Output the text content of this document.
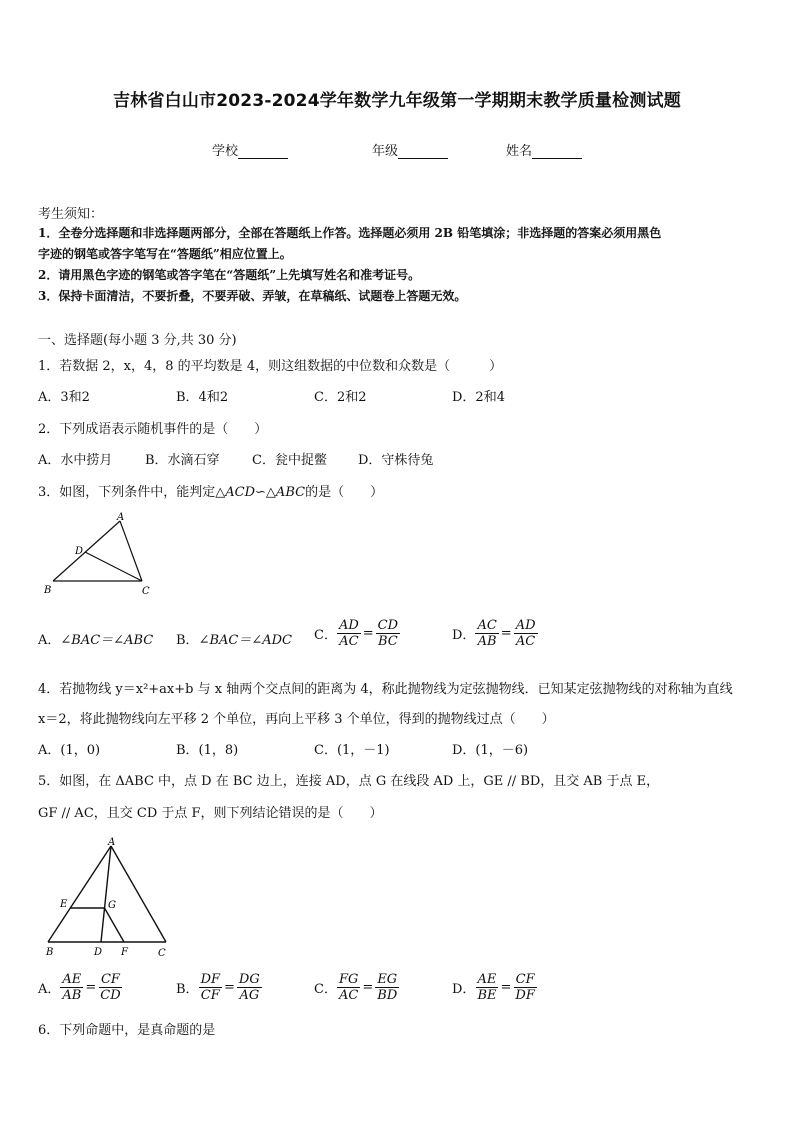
吉林省白山市2023-2024学年数学九年级第一学期期末教学质量检测试题
学校	年级	姓名
考生须知：
1．全卷分选择题和非选择题两部分，全部在答题纸上作答。选择题必须用 2B 铅笔填涂；非选择题的答案必须用黑色
字迹的钢笔或答字笔写在“答题纸”相应位置上。
2．请用黑色字迹的钢笔或答字笔在“答题纸”上先填写姓名和准考证号。
3．保持卡面清洁，不要折叠，不要弄破、弄皱，在草稿纸、试题卷上答题无效。
一、选择题(每小题 3 分,共 30 分)
1．若数据 2，x，4，8 的平均数是 4，则这组数据的中位数和众数是（　　　）
A．3和2	B．4和2	C．2和2	D．2和4
2．下列成语表示随机事件的是（　　）
A．水中捞月	B．水滴石穿 C．瓮中捉鳖 D．守株待兔
3．如图，下列条件中，能判定△ACD∽△ABC的是（　　）
A
B	C
D
A．∠BAC＝∠ABC B．∠BAC＝∠ADC C． $\frac{AD}{AC} = \frac{CD}{BC}$	D． $\frac{AC}{AB} = \frac{AD}{AC}$
4．若抛物线 y＝x²+ax+b 与 x 轴两个交点间的距离为 4，称此抛物线为定弦抛物线．已知某定弦抛物线的对称轴为直线
x＝2，将此抛物线向左平移 2 个单位，再向上平移 3 个单位，得到的抛物线过点（　　）
A．(1，0)	B．(1，8)	C．(1，－1)	D．(1，－6)
5．如图，在 ΔABC 中，点 D 在 BC 边上，连接 AD，点 G 在线段 AD 上，GE // BD，且交 AB 于点 E，
GF // AC，且交 CD 于点 F，则下列结论错误的是（　　）
A
B	C
D
E
F
G
A． $\frac{AE}{AB} = \frac{CF}{CD}$	B． $\frac{DF}{CF} = \frac{DG}{AG}$	C． $\frac{FG}{AC} = \frac{EG}{BD}$	D． $\frac{AE}{BE} = \frac{CF}{DF}$
6．下列命题中，是真命题的是
